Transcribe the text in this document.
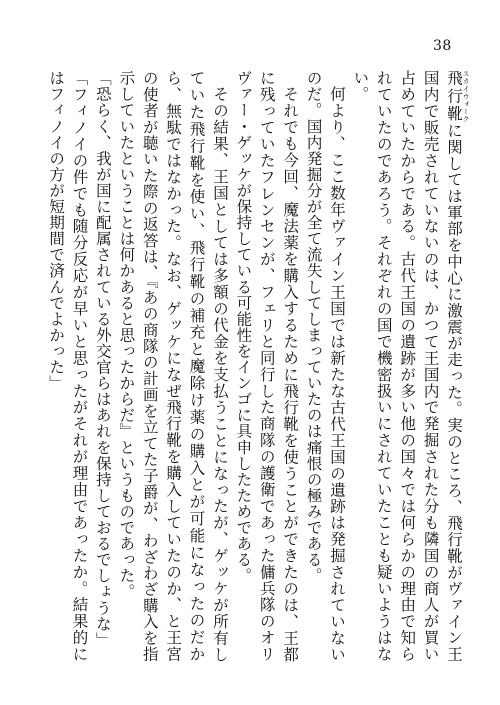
38

飛行靴 スカイウォークに関しては軍部を中心に激震が走った。実のところ、飛行靴がヴァイン王国内で販売されていないのは、かつて王国内で発掘された分も隣国の商人が買い占めていたからである。古代王国の遺跡が多い他の国々では何らかの理由で知られていたのであろう。それぞれの国で機密扱いにされていたことも疑いようはない。

何より、ここ数年ヴァイン王国では新たな古代王国の遺跡は発掘されていないのだ。国内発掘分が全て流失してしまっていたのは痛恨の極みである。

それでも今回、魔法薬を購入するために飛行靴を使うことができたのは、王都に残っていたフレンセンが、フェリと同行した商隊の護衛であった傭兵隊のオリヴァー・ゲッケが保持している可能性をインゴに具申したためである。

その結果、王国としては多額の代金を支払うことになったが、ゲッケが所有していた飛行靴を使い、飛行靴の補充と魔除け薬の購入とが可能になったのだから、無駄ではなかった。なお、ゲッケになぜ飛行靴を購入していたのか、と王宮の使者が聴いた際の返答は、『あの商隊の計画を立てた子爵が、わざわざ購入を指示していたということは何かあると思ったからだ』というものであった。

「恐らく、我が国に配属されている外交官らはあれを保持しておるでしょうな」

「フィノイの件でも随分反応が早いと思ったがそれが理由であったか。結果的にはフィノイの方が短期間で済んでよかった」
